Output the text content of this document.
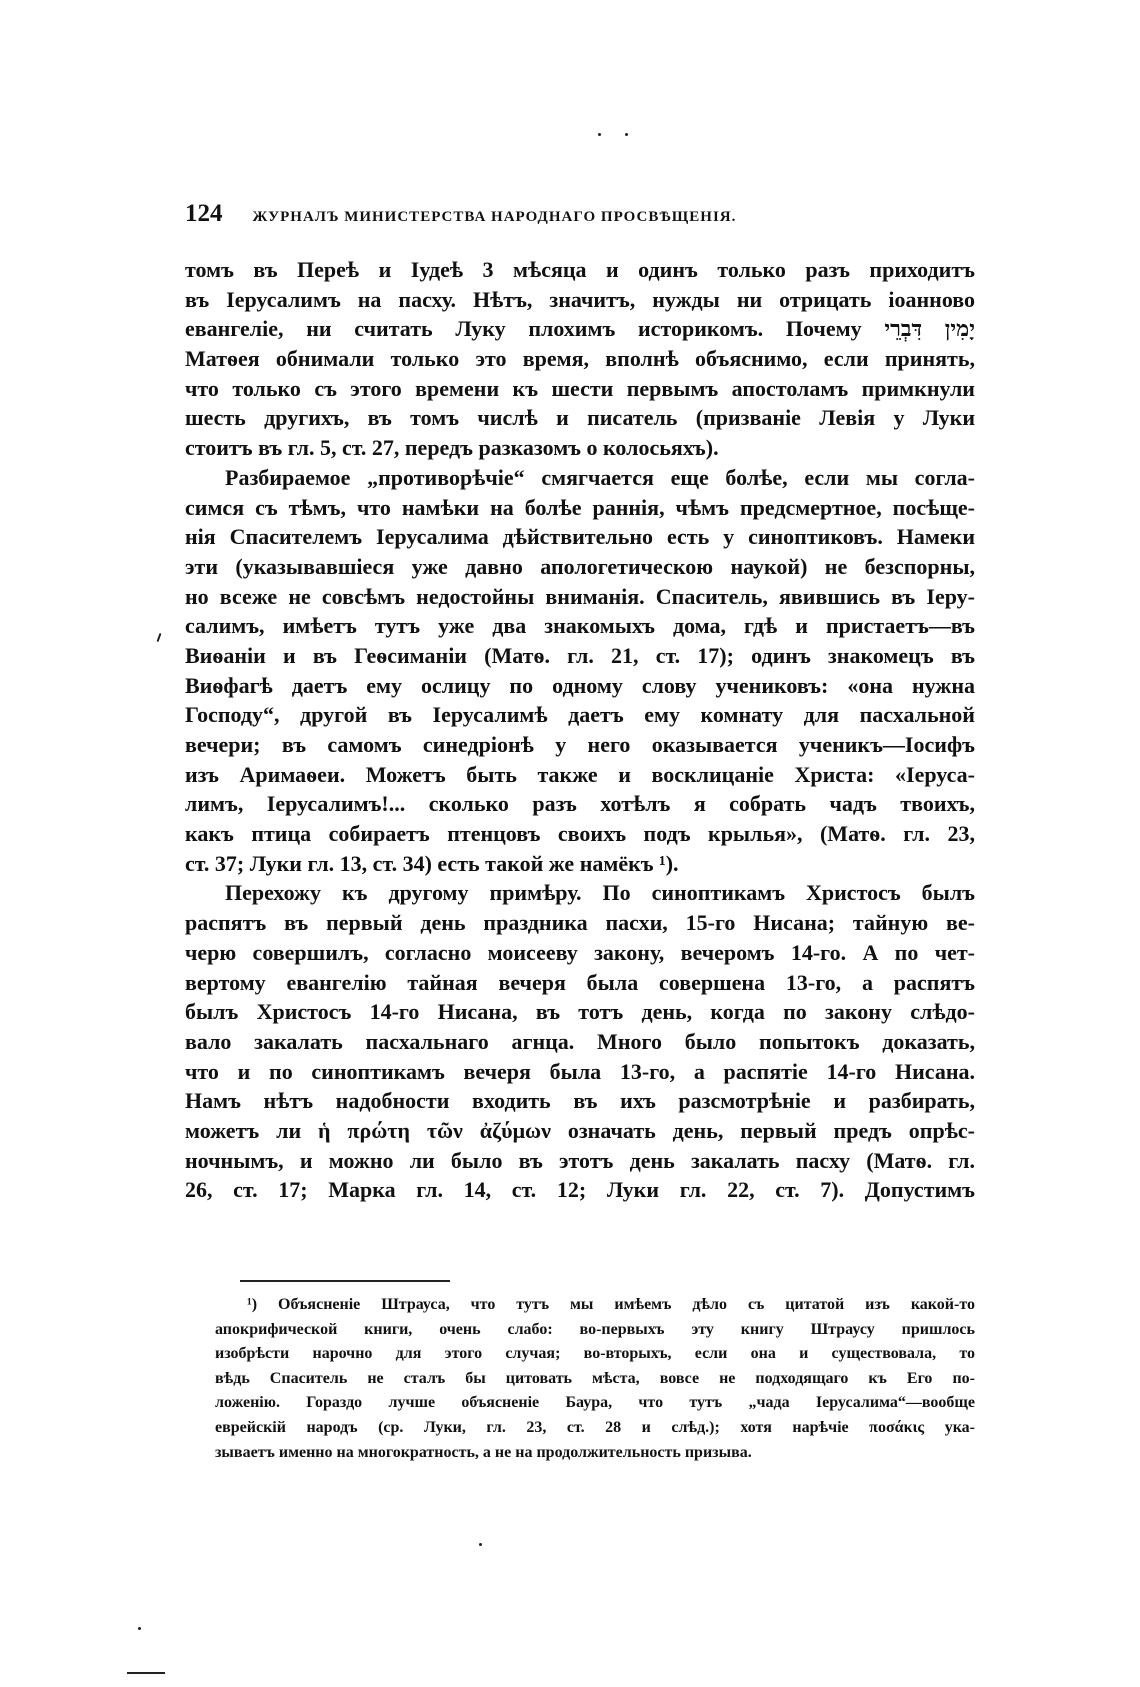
124 ЖУРНАЛЪ МИНИСТЕРСТВА НАРОДНАГО ПРОСВѢЩЕНІЯ.
томъ въ Переѣ и Іудеѣ 3 мѣсяца и одинъ только разъ приходитъ
въ Іерусалимъ на пасху. Нѣтъ, значитъ, нужды ни отрицать іоанново
евангеліе, ни считать Луку плохимъ историкомъ. Почему יָמִין דִּבְרֵי
Матѳея обнимали только это время, вполнѣ объяснимо, если принять,
что только съ этого времени къ шести первымъ апостоламъ примкнули
шесть другихъ, въ томъ числѣ и писатель (призваніе Левія у Луки
стоитъ въ гл. 5, ст. 27, передъ разказомъ о колосьяхъ).
Разбираемое „противорѣчіе“ смягчается еще болѣе, если мы согла-
симся съ тѣмъ, что намѣки на болѣе раннія, чѣмъ предсмертное, посѣще-
нія Спасителемъ Іерусалима дѣйствительно есть у синоптиковъ. Намеки
эти (указывавшіеся уже давно апологетическою наукой) не безспорны,
но всеже не совсѣмъ недостойны вниманія. Спаситель, явившись въ Іеру-
салимъ, имѣетъ тутъ уже два знакомыхъ дома, гдѣ и пристаетъ—въ
Виѳаніи и въ Геѳсиманіи (Матѳ. гл. 21, ст. 17); одинъ знакомецъ въ
Виѳфагѣ даетъ ему ослицу по одному слову учениковъ: «она нужна
Господу“, другой въ Іерусалимѣ даетъ ему комнату для пасхальной
вечери; въ самомъ синедріонѣ у него оказывается ученикъ—Іосифъ
изъ Аримаѳеи. Можетъ быть также и восклицаніе Христа: «Іеруса-
лимъ, Іерусалимъ!... сколько разъ хотѣлъ я собрать чадъ твоихъ,
какъ птица собираетъ птенцовъ своихъ подъ крылья», (Матѳ. гл. 23,
ст. 37; Луки гл. 13, ст. 34) есть такой же намёкъ ¹).
Перехожу къ другому примѣру. По синоптикамъ Христосъ былъ
распятъ въ первый день праздника пасхи, 15-го Нисана; тайную ве-
черю совершилъ, согласно моисееву закону, вечеромъ 14-го. А по чет-
вертому евангелію тайная вечеря была совершена 13-го, а распятъ
былъ Христосъ 14-го Нисана, въ тотъ день, когда по закону слѣдо-
вало закалать пасхальнаго агнца. Много было попытокъ доказать,
что и по синоптикамъ вечеря была 13-го, а распятіе 14-го Нисана.
Намъ нѣтъ надобности входить въ ихъ разсмотрѣніе и разбирать,
можетъ ли ἡ πρώτη τῶν ἀζύμων означать день, первый предъ опрѣс-
ночнымъ, и можно ли было въ этотъ день закалать пасху (Матѳ. гл.
26, ст. 17; Марка гл. 14, ст. 12; Луки гл. 22, ст. 7). Допустимъ
¹) Объясненіе Штрауса, что тутъ мы имѣемъ дѣло съ цитатой изъ какой-то
апокрифической книги, очень слабо: во-первыхъ эту книгу Штраусу пришлось
изобрѣсти нарочно для этого случая; во-вторыхъ, если она и существовала, то
вѣдь Спаситель не сталъ бы цитовать мѣста, вовсе не подходящаго къ Его по-
ложенію. Гораздо лучше объясненіе Баура, что тутъ „чада Іерусалима“—вообще
еврейскій народъ (ср. Луки, гл. 23, ст. 28 и слѣд.); хотя нарѣчіе ποσάκις ука-
зываетъ именно на многократность, а не на продолжительность призыва.
